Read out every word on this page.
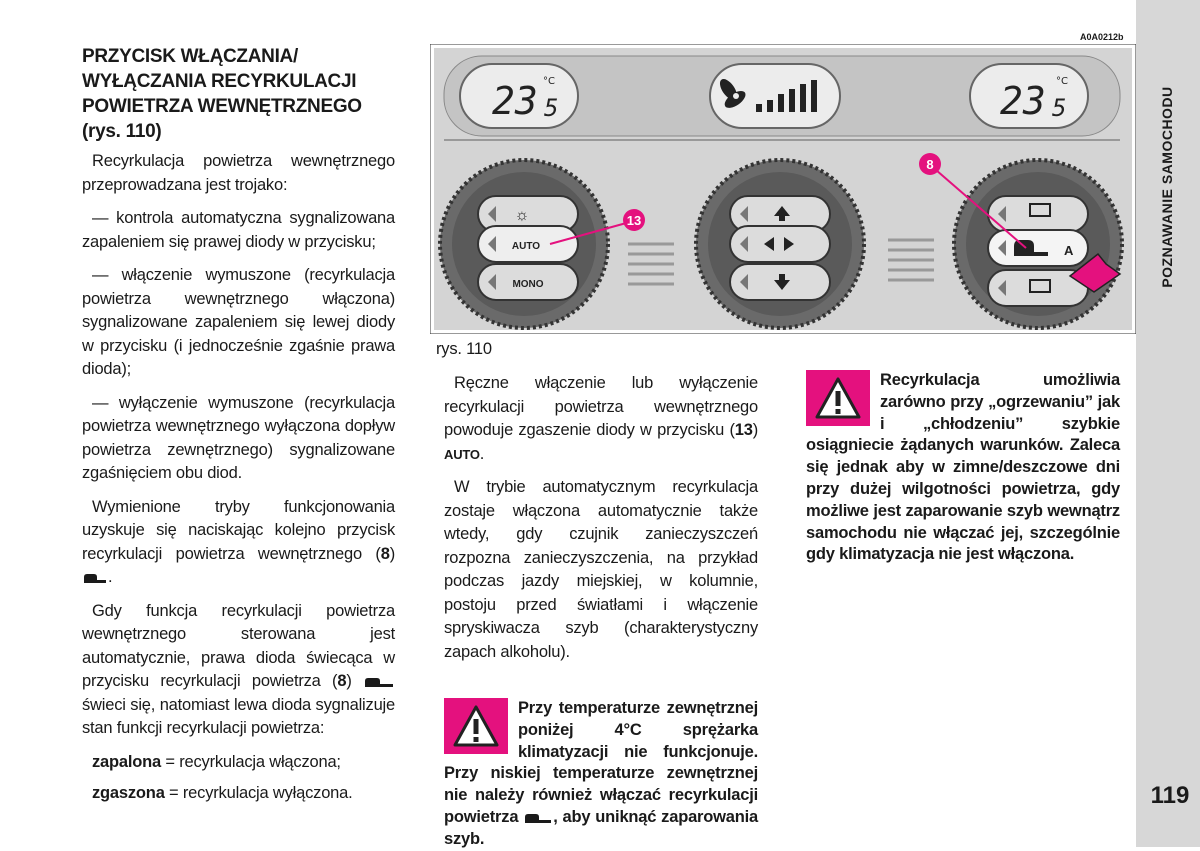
POZNAWANIE SAMOCHODU
119
PRZYCISK WŁĄCZANIA/
WYŁĄCZANIA RECYRKULACJI
POWIETRZA WEWNĘTRZNEGO
(rys. 110)

Recyrkulacja powietrza wewnętrznego przeprowadzana jest trojako:

— kontrola automatyczna sygnalizowana zapaleniem się prawej diody w przycisku;

— włączenie wymuszone (recyrkulacja powietrza wewnętrznego włączona) sygnalizowane zapaleniem się lewej diody w przycisku (i jednocześnie zgaśnie prawa dioda);

— wyłączenie wymuszone (recyrkulacja powietrza wewnętrznego wyłączona dopływ powietrza zewnętrznego) sygnalizowane zgaśnięciem obu diod.

Wymienione tryby funkcjonowania uzyskuje się naciskając kolejno przycisk recyrkulacji powietrza wewnętrznego (8) .

Gdy funkcja recyrkulacji powietrza wewnętrznego sterowana jest automatycznie, prawa dioda świecąca w przycisku recyrkulacji powietrza (8)  świeci się, natomiast lewa dioda sygnalizuje stan funkcji recyrkulacji powietrza:

zapalona = recyrkulacja włączona;

zgaszona = recyrkulacja wyłączona.

A0A0212b
23 5
°C	23 5
°C
☼
AUTO
MONO
A
13
8
rys. 110

Ręczne włączenie lub wyłączenie recyrkulacji powietrza wewnętrznego powoduje zgaszenie diody w przycisku (13) AUTO.

W trybie automatycznym recyrkulacja zostaje włączona automatycznie także wtedy, gdy czujnik zanieczyszczeń rozpozna zanieczyszczenia, na przykład podczas jazdy miejskiej, w kolumnie, postoju przed światłami i włączenie spryskiwacza szyb (charakterystyczny zapach alkoholu).

Przy temperaturze zewnętrznej poniżej 4°C sprężarka klimatyzacji nie funkcjonuje. Przy niskiej temperaturze zewnętrznej nie należy również włączać recyrkulacji powietrza , aby uniknąć zaparowania szyb.
Recyrkulacja umożliwia zarówno przy „ogrzewaniu” jak i „chłodzeniu” szybkie osiągniecie żądanych warunków. Zaleca się jednak aby w zimne/deszczowe dni przy dużej wilgotności powietrza, gdy możliwe jest zaparowanie szyb wewnątrz samochodu nie włączać jej, szczególnie gdy klimatyzacja nie jest włączona.
